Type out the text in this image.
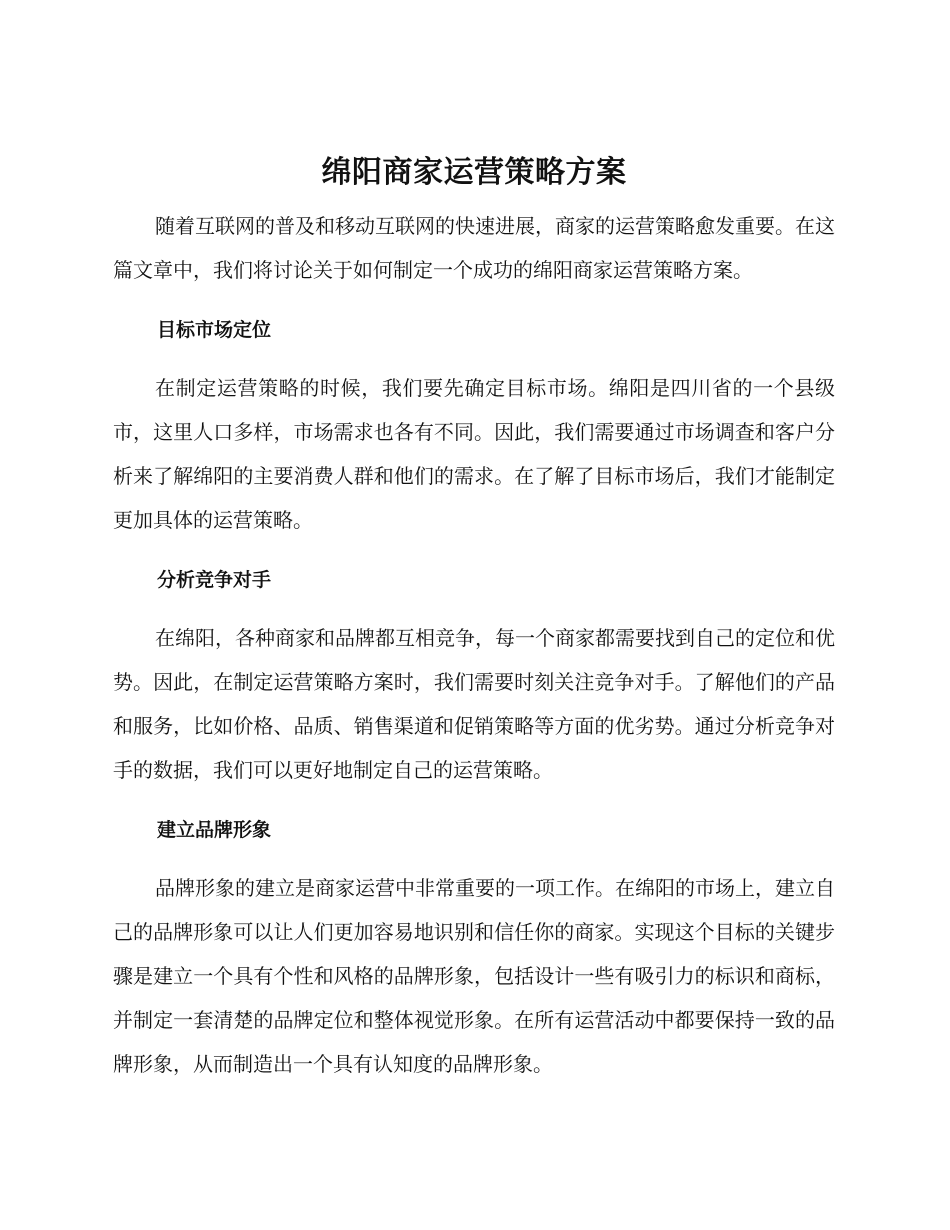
绵阳商家运营策略方案

随着互联网的普及和移动互联网的快速进展，商家的运营策略愈发重要。在这篇文章中，我们将讨论关于如何制定一个成功的绵阳商家运营策略方案。

目标市场定位

在制定运营策略的时候，我们要先确定目标市场。绵阳是四川省的一个县级市，这里人口多样，市场需求也各有不同。因此，我们需要通过市场调查和客户分析来了解绵阳的主要消费人群和他们的需求。在了解了目标市场后，我们才能制定更加具体的运营策略。

分析竞争对手

在绵阳，各种商家和品牌都互相竞争，每一个商家都需要找到自己的定位和优势。因此，在制定运营策略方案时，我们需要时刻关注竞争对手。了解他们的产品和服务，比如价格、品质、销售渠道和促销策略等方面的优劣势。通过分析竞争对手的数据，我们可以更好地制定自己的运营策略。

建立品牌形象

品牌形象的建立是商家运营中非常重要的一项工作。在绵阳的市场上，建立自己的品牌形象可以让人们更加容易地识别和信任你的商家。实现这个目标的关键步骤是建立一个具有个性和风格的品牌形象，包括设计一些有吸引力的标识和商标，并制定一套清楚的品牌定位和整体视觉形象。在所有运营活动中都要保持一致的品牌形象，从而制造出一个具有认知度的品牌形象。
